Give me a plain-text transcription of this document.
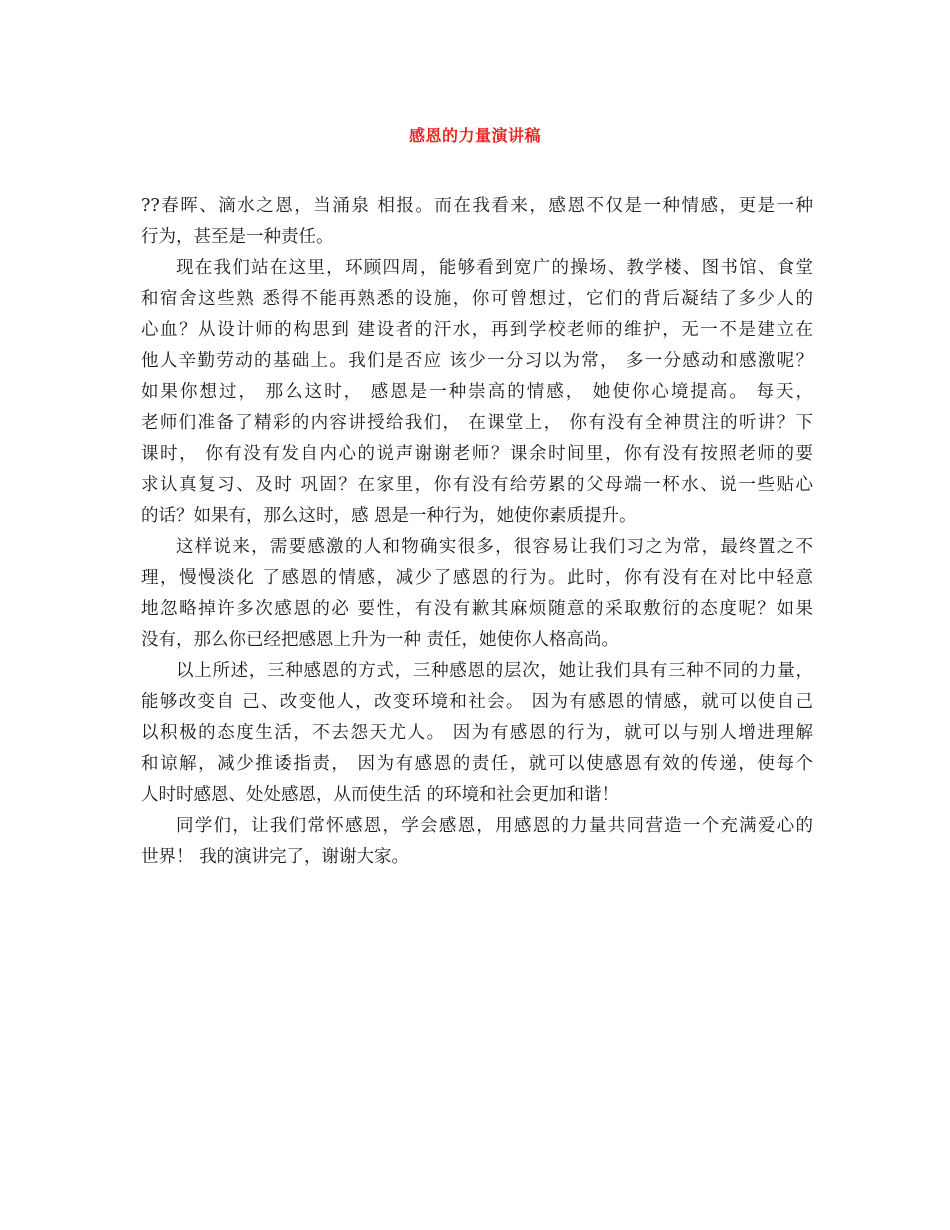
感恩的力量演讲稿
??春晖、滴水之恩，当涌泉 相报。而在我看来，感恩不仅是一种情感，更是一种
行为，甚至是一种责任。
现在我们站在这里，环顾四周，能够看到宽广的操场、教学楼、图书馆、食堂
和宿舍这些熟 悉得不能再熟悉的设施，你可曾想过，它们的背后凝结了多少人的
心血？从设计师的构思到 建设者的汗水，再到学校老师的维护，无一不是建立在
他人辛勤劳动的基础上。我们是否应 该少一分习以为常， 多一分感动和感激呢？
如果你想过， 那么这时， 感恩是一种崇高的情感， 她使你心境提高。 每天，
老师们准备了精彩的内容讲授给我们， 在课堂上， 你有没有全神贯注的听讲？下
课时， 你有没有发自内心的说声谢谢老师？课余时间里，你有没有按照老师的要
求认真复习、及时 巩固？在家里，你有没有给劳累的父母端一杯水、说一些贴心
的话？如果有，那么这时，感 恩是一种行为，她使你素质提升。
这样说来，需要感激的人和物确实很多，很容易让我们习之为常，最终置之不
理，慢慢淡化 了感恩的情感，减少了感恩的行为。此时，你有没有在对比中轻意
地忽略掉许多次感恩的必 要性，有没有歉其麻烦随意的采取敷衍的态度呢？如果
没有，那么你已经把感恩上升为一种 责任，她使你人格高尚。
以上所述，三种感恩的方式，三种感恩的层次，她让我们具有三种不同的力量，
能够改变自 己、改变他人，改变环境和社会。 因为有感恩的情感，就可以使自己
以积极的态度生活，不去怨天尤人。 因为有感恩的行为，就可以与别人增进理解
和谅解，减少推诿指责， 因为有感恩的责任，就可以使感恩有效的传递，使每个
人时时感恩、处处感恩，从而使生活 的环境和社会更加和谐！
同学们，让我们常怀感恩，学会感恩，用感恩的力量共同营造一个充满爱心的
世界！ 我的演讲完了，谢谢大家。
